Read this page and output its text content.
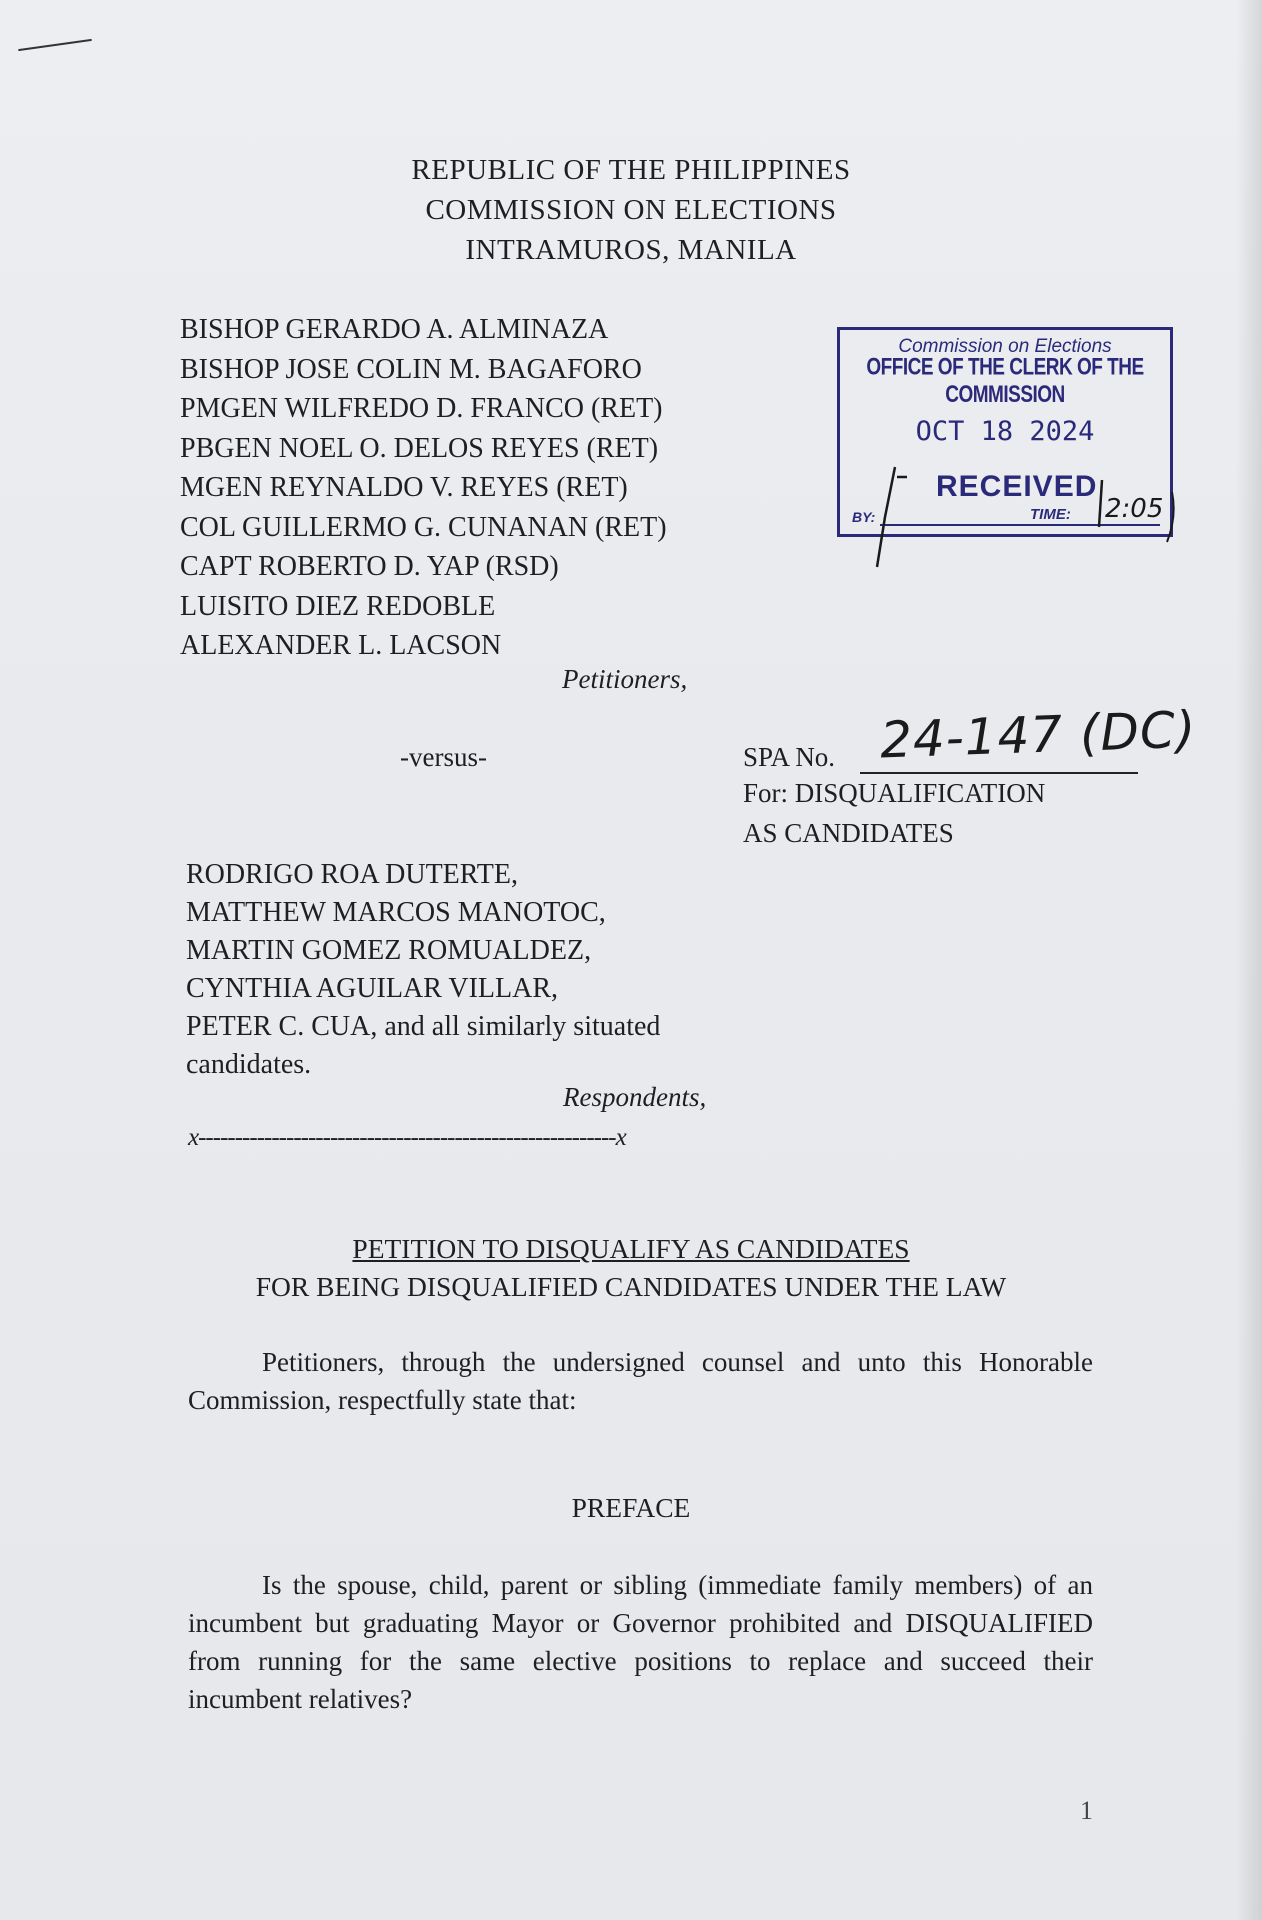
REPUBLIC OF THE PHILIPPINES
COMMISSION ON ELECTIONS
INTRAMUROS, MANILA
BISHOP GERARDO A. ALMINAZA
BISHOP JOSE COLIN M. BAGAFORO
PMGEN WILFREDO D. FRANCO (RET)
PBGEN NOEL O. DELOS REYES (RET)
MGEN REYNALDO V. REYES (RET)
COL GUILLERMO G. CUNANAN (RET)
CAPT ROBERTO D. YAP (RSD)
LUISITO DIEZ REDOBLE
ALEXANDER L. LACSON
Petitioners,
Commission on Elections
OFFICE OF THE CLERK OF THE COMMISSION
OCT 18 2024
RECEIVED
BY:	TIME: 2:05
-versus-	SPA No. 24-147 (DC)
For: DISQUALIFICATION
AS CANDIDATES
RODRIGO ROA DUTERTE,
MATTHEW MARCOS MANOTOC,
MARTIN GOMEZ ROMUALDEZ,
CYNTHIA AGUILAR VILLAR,
PETER C. CUA, and all similarly situated
candidates.
Respondents,
x---------------------------------------------------------x
PETITION TO DISQUALIFY AS CANDIDATES
FOR BEING DISQUALIFIED CANDIDATES UNDER THE LAW
Petitioners, through the undersigned counsel and unto this Honorable Commission, respectfully state that:
PREFACE
Is the spouse, child, parent or sibling (immediate family members) of an incumbent but graduating Mayor or Governor prohibited and DISQUALIFIED from running for the same elective positions to replace and succeed their incumbent relatives?
1
